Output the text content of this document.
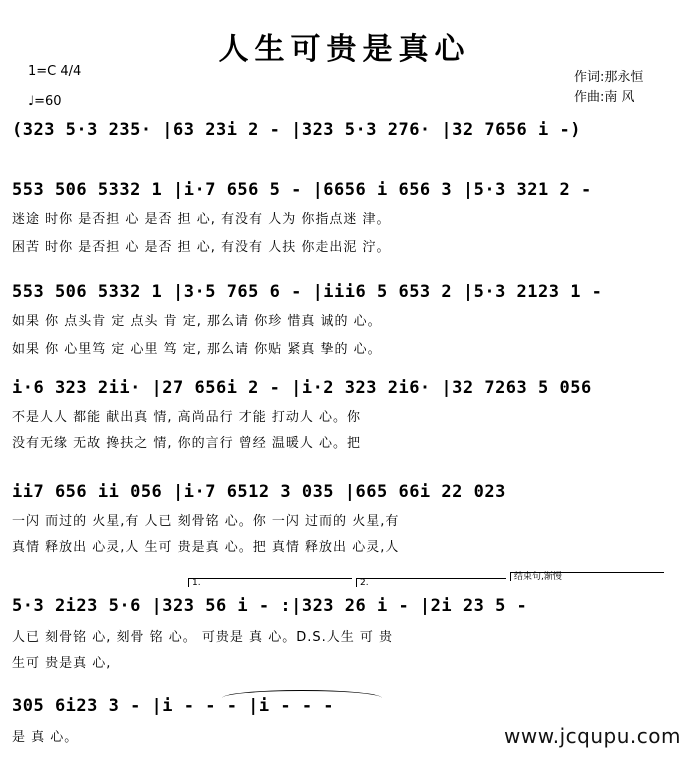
人生可贵是真心
1=C 4/4
♩=60
作词:那永恒
作曲:南 风
(323 5·3 235· |63 23i 2 - |323 5·3 276· |32 7656 i -)
553 506 5332 1 |i·7 656 5 - |6656 i 656 3 |5·3 321 2 -
迷途 时你 是否担 心 是否 担 心, 有没有 人为 你指点迷 津。
困苦 时你 是否担 心 是否 担 心, 有没有 人扶 你走出泥 泞。
553 506 5332 1 |3·5 765 6 - |iii6 5 653 2 |5·3 2123 1 -
如果 你 点头肯 定 点头 肯 定, 那么请 你珍 惜真 诚的 心。
如果 你 心里笃 定 心里 笃 定, 那么请 你贴 紧真 挚的 心。
i·6 323 2ii· |27 656i 2 - |i·2 323 2i6· |32 7263 5 056
不是人人 都能 献出真 情, 高尚品行 才能 打动人 心。你
没有无缘 无故 搀扶之 情, 你的言行 曾经 温暖人 心。把
ii7 656 ii 056 |i·7 6512 3 035 |665 66i 22 023
一闪 而过的 火星,有 人已 刻骨铭 心。你 一闪 过而的 火星,有
真情 释放出 心灵,人 生可 贵是真 心。把 真情 释放出 心灵,人
1.	2.
结束句,渐慢
5·3 2i23 5·6 |323 56 i - :|323 26 i - |2i 23 5 -
人已 刻骨铭 心, 刻骨 铭 心。 可贵是 真 心。D.S.人生 可 贵
生可 贵是真 心,
305 6i23 3 - |i - - - |i - - -
是 真 心。	www.jcqupu.com
